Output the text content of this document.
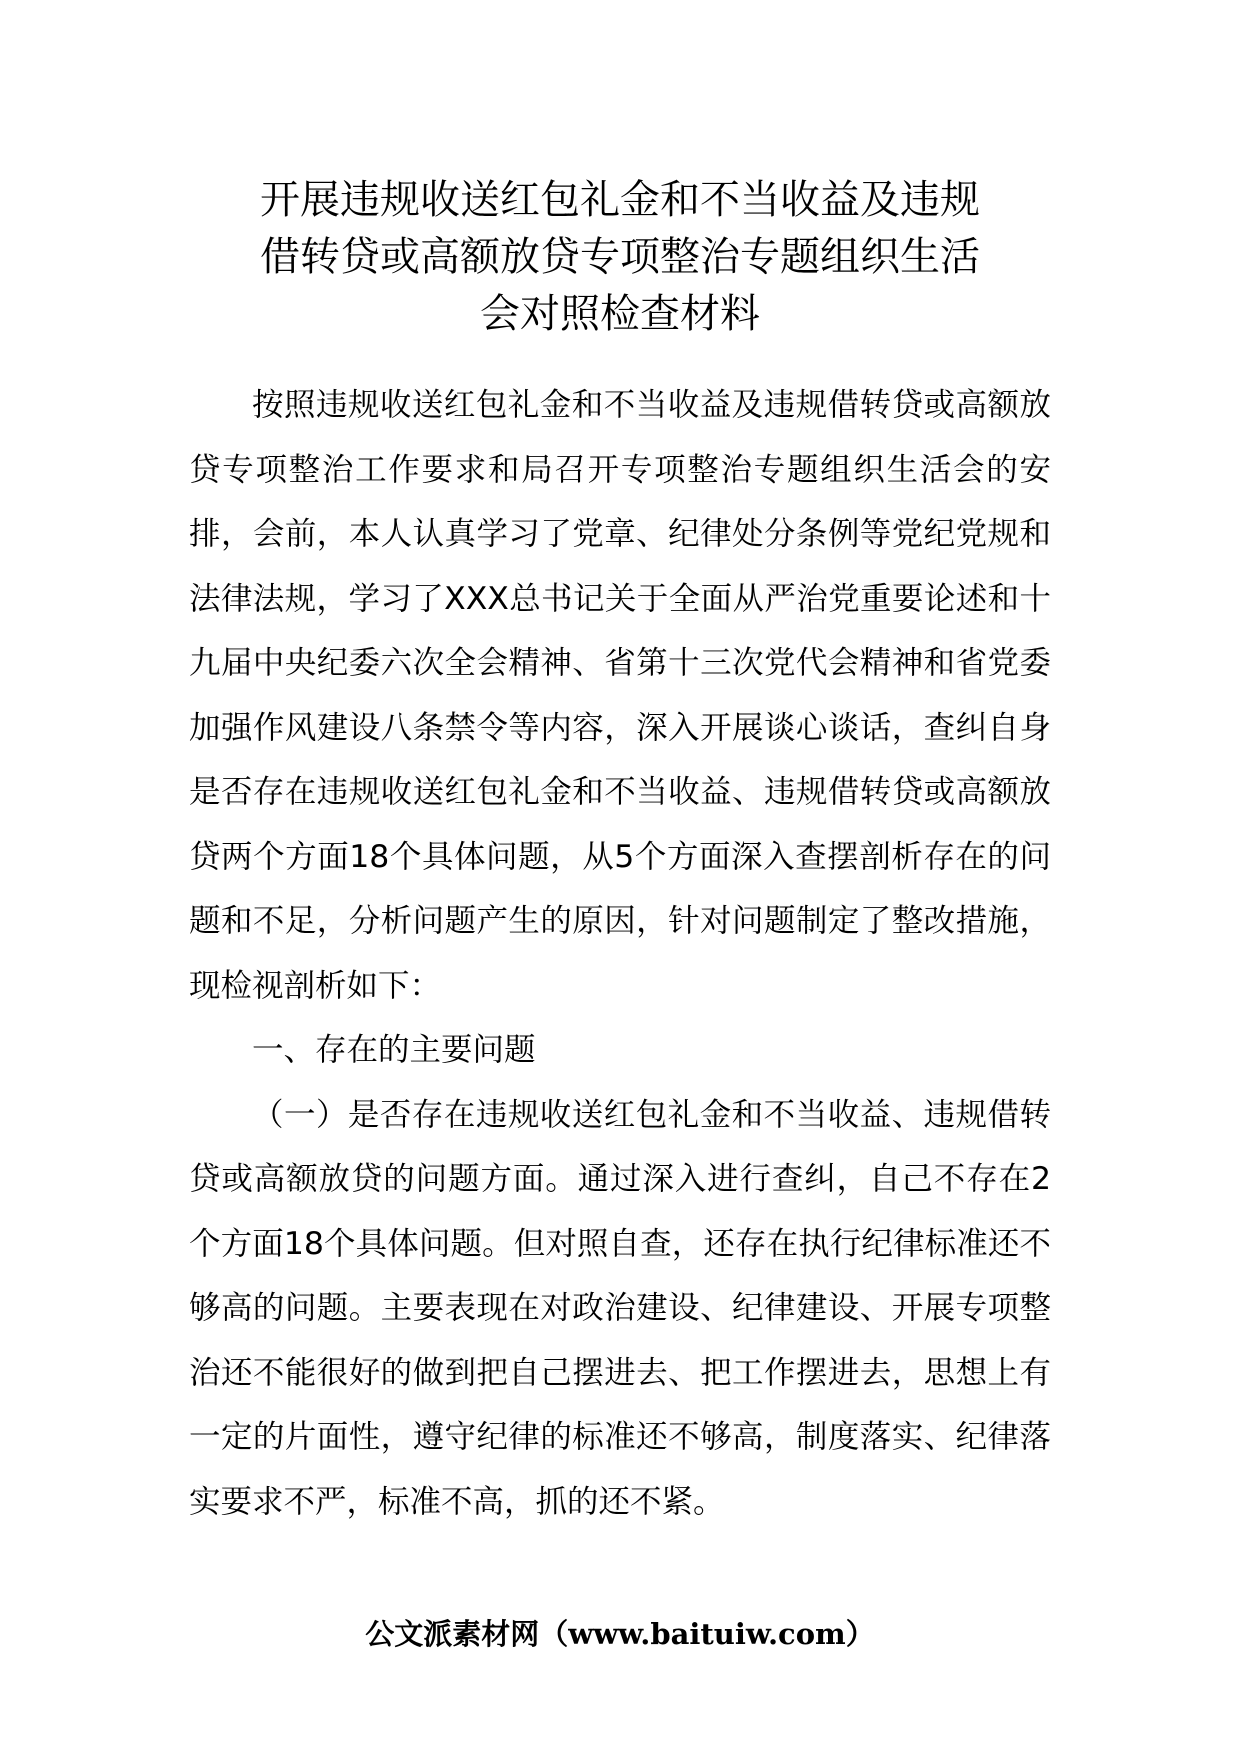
开展违规收送红包礼金和不当收益及违规
借转贷或高额放贷专项整治专题组织生活
会对照检查材料

按照违规收送红包礼金和不当收益及违规借转贷或高额放贷专项整治工作要求和局召开专项整治专题组织生活会的安排，会前，本人认真学习了党章、纪律处分条例等党纪党规和法律法规，学习了XXX总书记关于全面从严治党重要论述和十九届中央纪委六次全会精神、省第十三次党代会精神和省党委加强作风建设八条禁令等内容，深入开展谈心谈话，查纠自身是否存在违规收送红包礼金和不当收益、违规借转贷或高额放贷两个方面18个具体问题，从5个方面深入查摆剖析存在的问题和不足，分析问题产生的原因，针对问题制定了整改措施，现检视剖析如下：

一、存在的主要问题

（一）是否存在违规收送红包礼金和不当收益、违规借转贷或高额放贷的问题方面。通过深入进行查纠，自己不存在2个方面18个具体问题。但对照自查，还存在执行纪律标准还不够高的问题。主要表现在对政治建设、纪律建设、开展专项整治还不能很好的做到把自己摆进去、把工作摆进去，思想上有一定的片面性，遵守纪律的标准还不够高，制度落实、纪律落实要求不严，标准不高，抓的还不紧。

公文派素材网（www.baituiw.com）
